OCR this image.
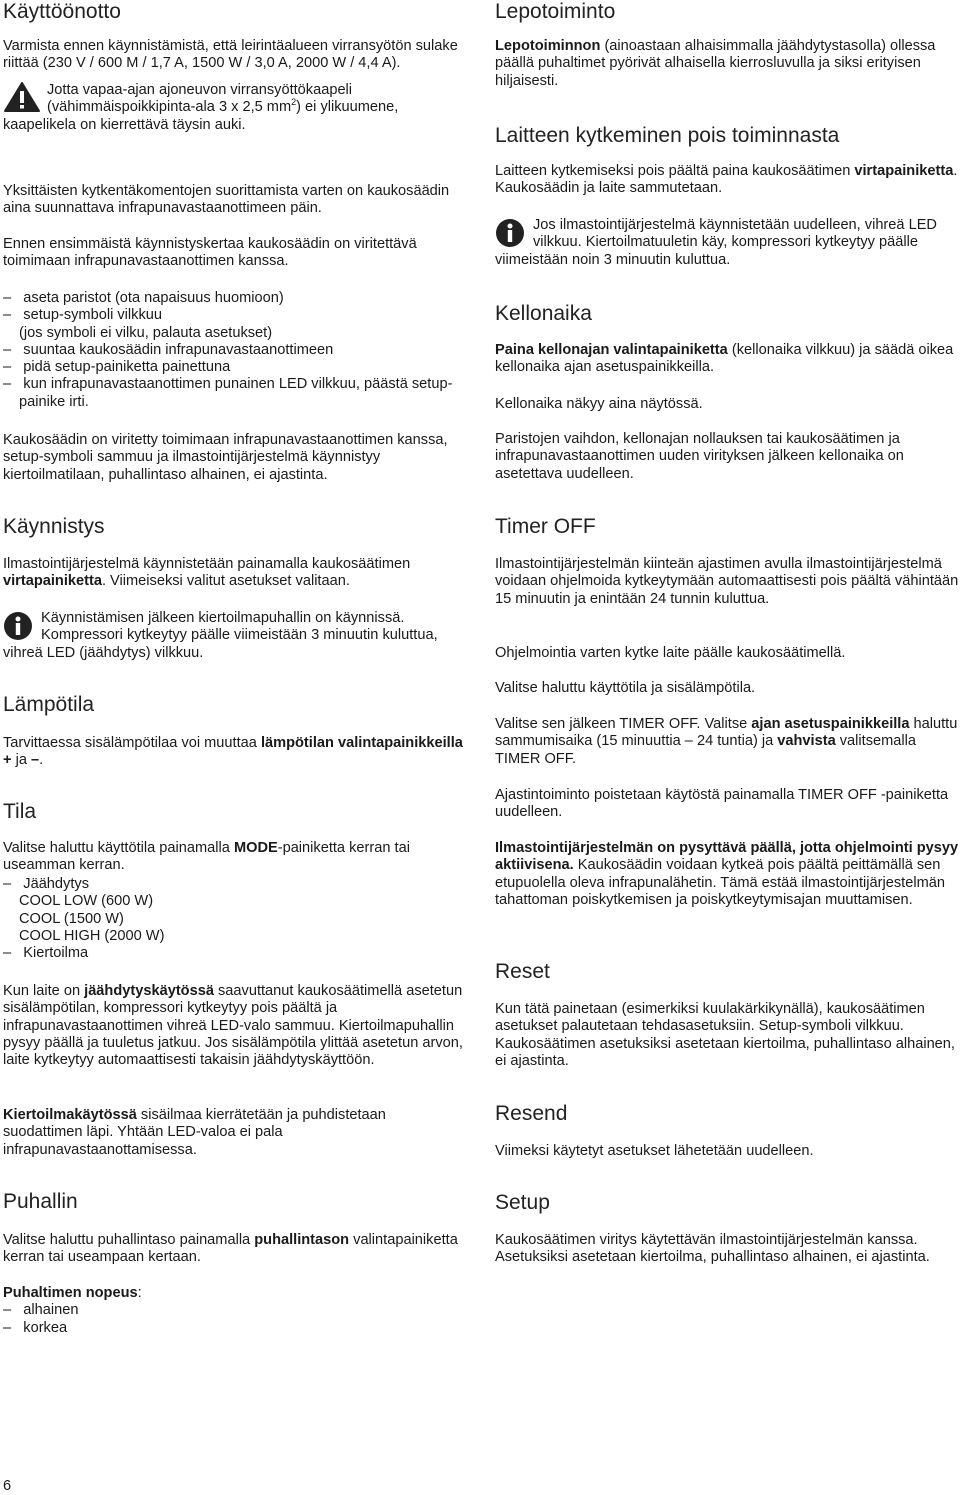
Käyttöönotto

Varmista ennen käynnistämistä, että leirintäalueen virransyötön sulake riittää (230 V / 600 M / 1,7 A, 1500 W / 3,0 A, 2000 W / 4,4 A).

Jotta vapaa-ajan ajoneuvon virransyöttökaapeli (vähimmäispoikkipinta-ala 3 x 2,5 $mm^2$) ei ylikuumene, kaapelikela on kierrettävä täysin auki.

Yksittäisten kytkentäkomentojen suorittamista varten on kaukosäädin aina suunnattava infrapunavastaanottimeen päin.

Ennen ensimmäistä käynnistyskertaa kaukosäädin on viritettävä toimimaan infrapunavastaanottimen kanssa.

–   aseta paristot (ota napaisuus huomioon)
–   setup-symboli vilkkuu
(jos symboli ei vilku, palauta asetukset)
–   suuntaa kaukosäädin infrapunavastaanottimeen
–   pidä setup-painiketta painettuna
–   kun infrapunavastaanottimen punainen LED vilkkuu, päästä setup-painike irti.

Kaukosäädin on viritetty toimimaan infrapunavastaanottimen kanssa, setup-symboli sammuu ja ilmastointijärjestelmä käynnistyy kiertoilmatilaan, puhallintaso alhainen, ei ajastinta.

Käynnistys

Ilmastointijärjestelmä käynnistetään painamalla kaukosäätimen virtapainiketta. Viimeiseksi valitut asetukset valitaan.

Käynnistämisen jälkeen kiertoilmapuhallin on käynnissä. Kompressori kytkeytyy päälle viimeistään 3 minuutin kuluttua, vihreä LED (jäähdytys) vilkkuu.
Lämpötila

Tarvittaessa sisälämpötilaa voi muuttaa lämpötilan valintapainikkeilla + ja –.

Tila

Valitse haluttu käyttötila painamalla MODE-painiketta kerran tai useamman kerran.

–   Jäähdytys
COOL LOW (600 W)
COOL (1500 W)
COOL HIGH (2000 W)
–   Kiertoilma

Kun laite on jäähdytyskäytössä saavuttanut kaukosäätimellä asetetun sisälämpötilan, kompressori kytkeytyy pois päältä ja infrapunavastaanottimen vihreä LED-valo sammuu. Kiertoilmapuhallin pysyy päällä ja tuuletus jatkuu. Jos sisälämpötila ylittää asetetun arvon, laite kytkeytyy automaattisesti takaisin jäähdytyskäyttöön.

Kiertoilmakäytössä sisäilmaa kierrätetään ja puhdistetaan suodattimen läpi. Yhtään LED-valoa ei pala infrapunavastaanottamisessa.

Puhallin

Valitse haluttu puhallintaso painamalla puhallintason valintapainiketta kerran tai useampaan kertaan.

Puhaltimen nopeus:
–   alhainen
–   korkea
Lepotoiminto

Lepotoiminnon (ainoastaan alhaisimmalla jäähdytystasolla) ollessa päällä puhaltimet pyörivät alhaisella kierrosluvulla ja siksi erityisen hiljaisesti.

Laitteen kytkeminen pois toiminnasta

Laitteen kytkemiseksi pois päältä paina kaukosäätimen virtapainiketta. Kaukosäädin ja laite sammutetaan.

Jos ilmastointijärjestelmä käynnistetään uudelleen, vihreä LED vilkkuu. Kiertoilmatuuletin käy, kompressori kytkeytyy päälle viimeistään noin 3 minuutin kuluttua.
Kellonaika

Paina kellonajan valintapainiketta (kellonaika vilkkuu) ja säädä oikea kellonaika ajan asetuspainikkeilla.

Kellonaika näkyy aina näytössä.

Paristojen vaihdon, kellonajan nollauksen tai kaukosäätimen ja infrapunavastaanottimen uuden virityksen jälkeen kellonaika on asetettava uudelleen.

Timer OFF

Ilmastointijärjestelmän kiinteän ajastimen avulla ilmastointijärjestelmä voidaan ohjelmoida kytkeytymään automaattisesti pois päältä vähintään 15 minuutin ja enintään 24 tunnin kuluttua.

Ohjelmointia varten kytke laite päälle kaukosäätimellä.

Valitse haluttu käyttötila ja sisälämpötila.

Valitse sen jälkeen TIMER OFF. Valitse ajan asetuspainikkeilla haluttu sammumisaika (15 minuuttia – 24 tuntia) ja vahvista valitsemalla TIMER OFF.

Ajastintoiminto poistetaan käytöstä painamalla TIMER OFF -painiketta uudelleen.

Ilmastointijärjestelmän on pysyttävä päällä, jotta ohjelmointi pysyy aktiivisena. Kaukosäädin voidaan kytkeä pois päältä peittämällä sen etupuolella oleva infrapunalähetin. Tämä estää ilmastointijärjestelmän tahattoman poiskytkemisen ja poiskytkeytymisajan muuttamisen.

Reset

Kun tätä painetaan (esimerkiksi kuulakärkikynällä), kaukosäätimen asetukset palautetaan tehdasasetuksiin. Setup-symboli vilkkuu. Kaukosäätimen asetuksiksi asetetaan kiertoilma, puhallintaso alhainen, ei ajastinta.

Resend

Viimeksi käytetyt asetukset lähetetään uudelleen.

Setup

Kaukosäätimen viritys käytettävän ilmastointijärjestelmän kanssa. Asetuksiksi asetetaan kiertoilma, puhallintaso alhainen, ei ajastinta.

6
